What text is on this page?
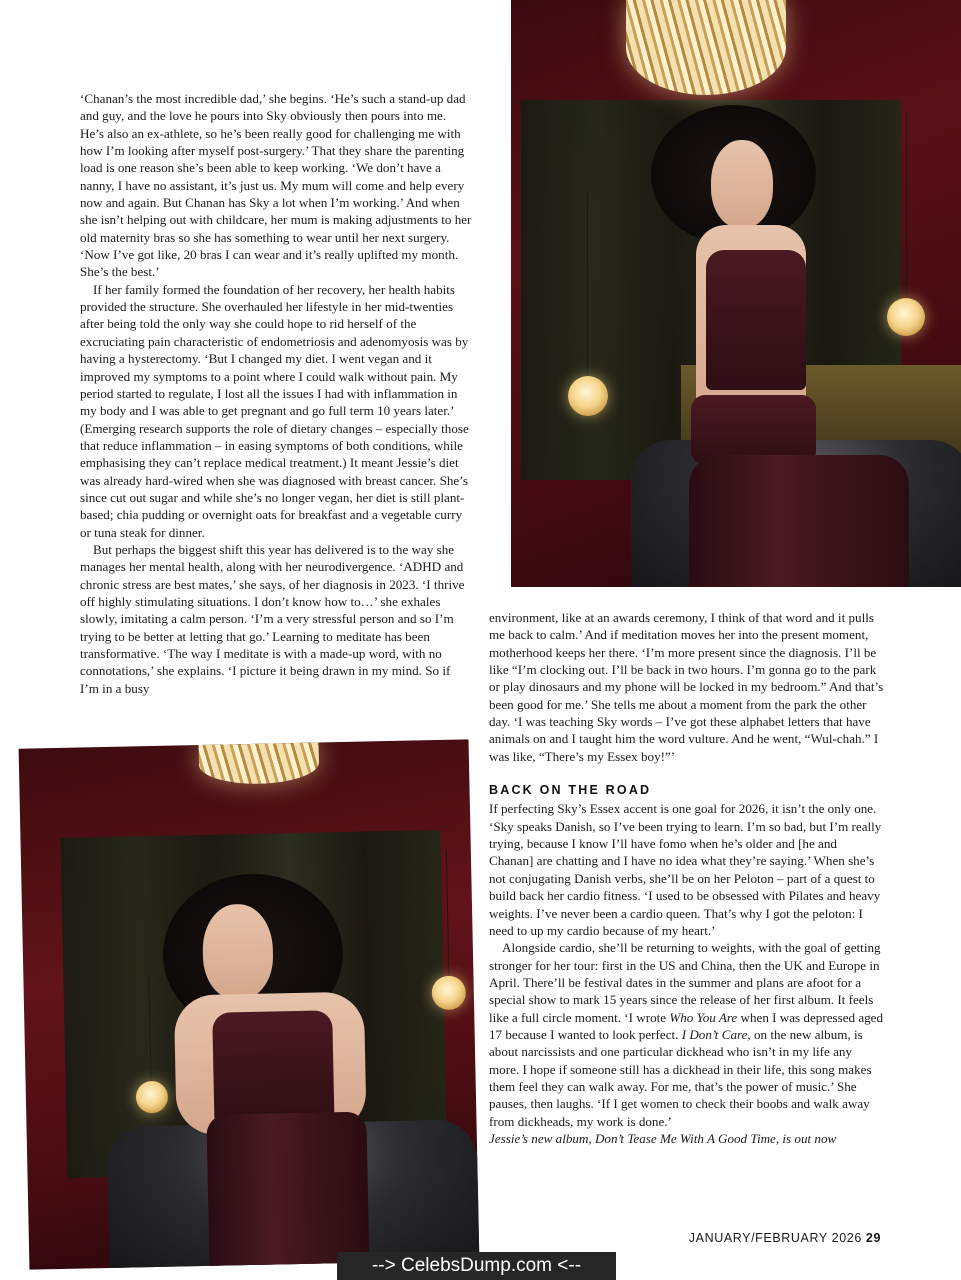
‘Chanan’s the most incredible dad,’ she begins. ‘He’s such a stand-up dad and guy, and the love he pours into Sky obviously then pours into me. He’s also an ex-athlete, so he’s been really good for challenging me with how I’m looking after myself post-surgery.’ That they share the parenting load is one reason she’s been able to keep working. ‘We don’t have a nanny, I have no assistant, it’s just us. My mum will come and help every now and again. But Chanan has Sky a lot when I’m working.’ And when she isn’t helping out with childcare, her mum is making adjustments to her old maternity bras so she has something to wear until her next surgery. ‘Now I’ve got like, 20 bras I can wear and it’s really uplifted my month. She’s the best.’

If her family formed the foundation of her recovery, her health habits provided the structure. She overhauled her lifestyle in her mid-twenties after being told the only way she could hope to rid herself of the excruciating pain characteristic of endometriosis and adenomyosis was by having a hysterectomy. ‘But I changed my diet. I went vegan and it improved my symptoms to a point where I could walk without pain. My period started to regulate, I lost all the issues I had with inflammation in my body and I was able to get pregnant and go full term 10 years later.’ (Emerging research supports the role of dietary changes – especially those that reduce inflammation – in easing symptoms of both conditions, while emphasising they can’t replace medical treatment.) It meant Jessie’s diet was already hard-wired when she was diagnosed with breast cancer. She’s since cut out sugar and while she’s no longer vegan, her diet is still plant-based; chia pudding or overnight oats for breakfast and a vegetable curry or tuna steak for dinner.

But perhaps the biggest shift this year has delivered is to the way she manages her mental health, along with her neurodivergence. ‘ADHD and chronic stress are best mates,’ she says, of her diagnosis in 2023. ‘I thrive off highly stimulating situations. I don’t know how to…’ she exhales slowly, imitating a calm person. ‘I’m a very stressful person and so I’m trying to be better at letting that go.’ Learning to meditate has been transformative. ‘The way I meditate is with a made-up word, with no connotations,’ she explains. ‘I picture it being drawn in my mind. So if I’m in a busy

environment, like at an awards ceremony, I think of that word and it pulls me back to calm.’ And if meditation moves her into the present moment, motherhood keeps her there. ‘I’m more present since the diagnosis. I’ll be like “I’m clocking out. I’ll be back in two hours. I’m gonna go to the park or play dinosaurs and my phone will be locked in my bedroom.” And that’s been good for me.’ She tells me about a moment from the park the other day. ‘I was teaching Sky words – I’ve got these alphabet letters that have animals on and I taught him the word vulture. And he went, “Wul-chah.” I was like, “There’s my Essex boy!”’

BACK ON THE ROAD

If perfecting Sky’s Essex accent is one goal for 2026, it isn’t the only one. ‘Sky speaks Danish, so I’ve been trying to learn. I’m so bad, but I’m really trying, because I know I’ll have fomo when he’s older and [he and Chanan] are chatting and I have no idea what they’re saying.’ When she’s not conjugating Danish verbs, she’ll be on her Peloton – part of a quest to build back her cardio fitness. ‘I used to be obsessed with Pilates and heavy weights. I’ve never been a cardio queen. That’s why I got the peloton: I need to up my cardio because of my heart.’

Alongside cardio, she’ll be returning to weights, with the goal of getting stronger for her tour: first in the US and China, then the UK and Europe in April. There’ll be festival dates in the summer and plans are afoot for a special show to mark 15 years since the release of her first album. It feels like a full circle moment. ‘I wrote Who You Are when I was depressed aged 17 because I wanted to look perfect. I Don’t Care, on the new album, is about narcissists and one particular dickhead who isn’t in my life any more. I hope if someone still has a dickhead in their life, this song makes them feel they can walk away. For me, that’s the power of music.’ She pauses, then laughs. ‘If I get women to check their boobs and walk away from dickheads, my work is done.’

Jessie’s new album, Don’t Tease Me With A Good Time, is out now

JANUARY/FEBRUARY 2026 29
--> CelebsDump.com <--
